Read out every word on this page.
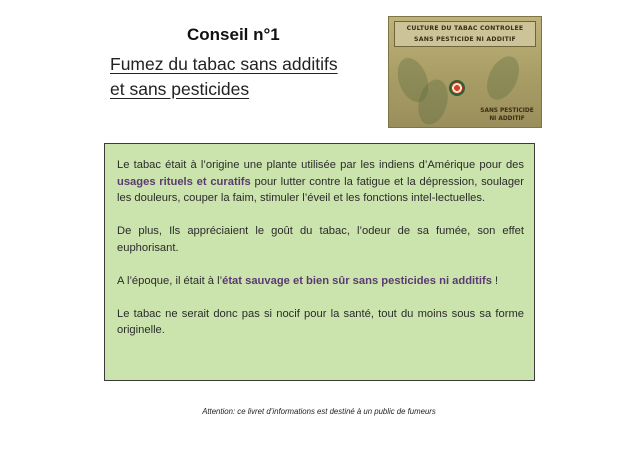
Conseil n°1
Fumez du tabac sans additifs
et sans pesticides
CULTURE DU TABAC CONTROLEE
SANS PESTICIDE NI ADDITIF
SANS PESTICIDE
NI ADDITIF

Le tabac était à l’origine une plante utilisée par les indiens d’Amérique pour des usages rituels et curatifs pour lutter contre la fatigue et la dépression, soulager les douleurs, couper la faim, stimuler l’éveil et les fonctions intel-lectuelles.

De plus, Ils appréciaient le goût du tabac, l’odeur de sa fumée, son effet euphorisant.

A l’époque, il était à l’état sauvage et bien sûr sans pesticides ni additifs !

Le tabac ne serait donc pas si nocif pour la santé, tout du moins sous sa forme originelle.

Attention: ce livret d’informations est destiné à un public de fumeurs
